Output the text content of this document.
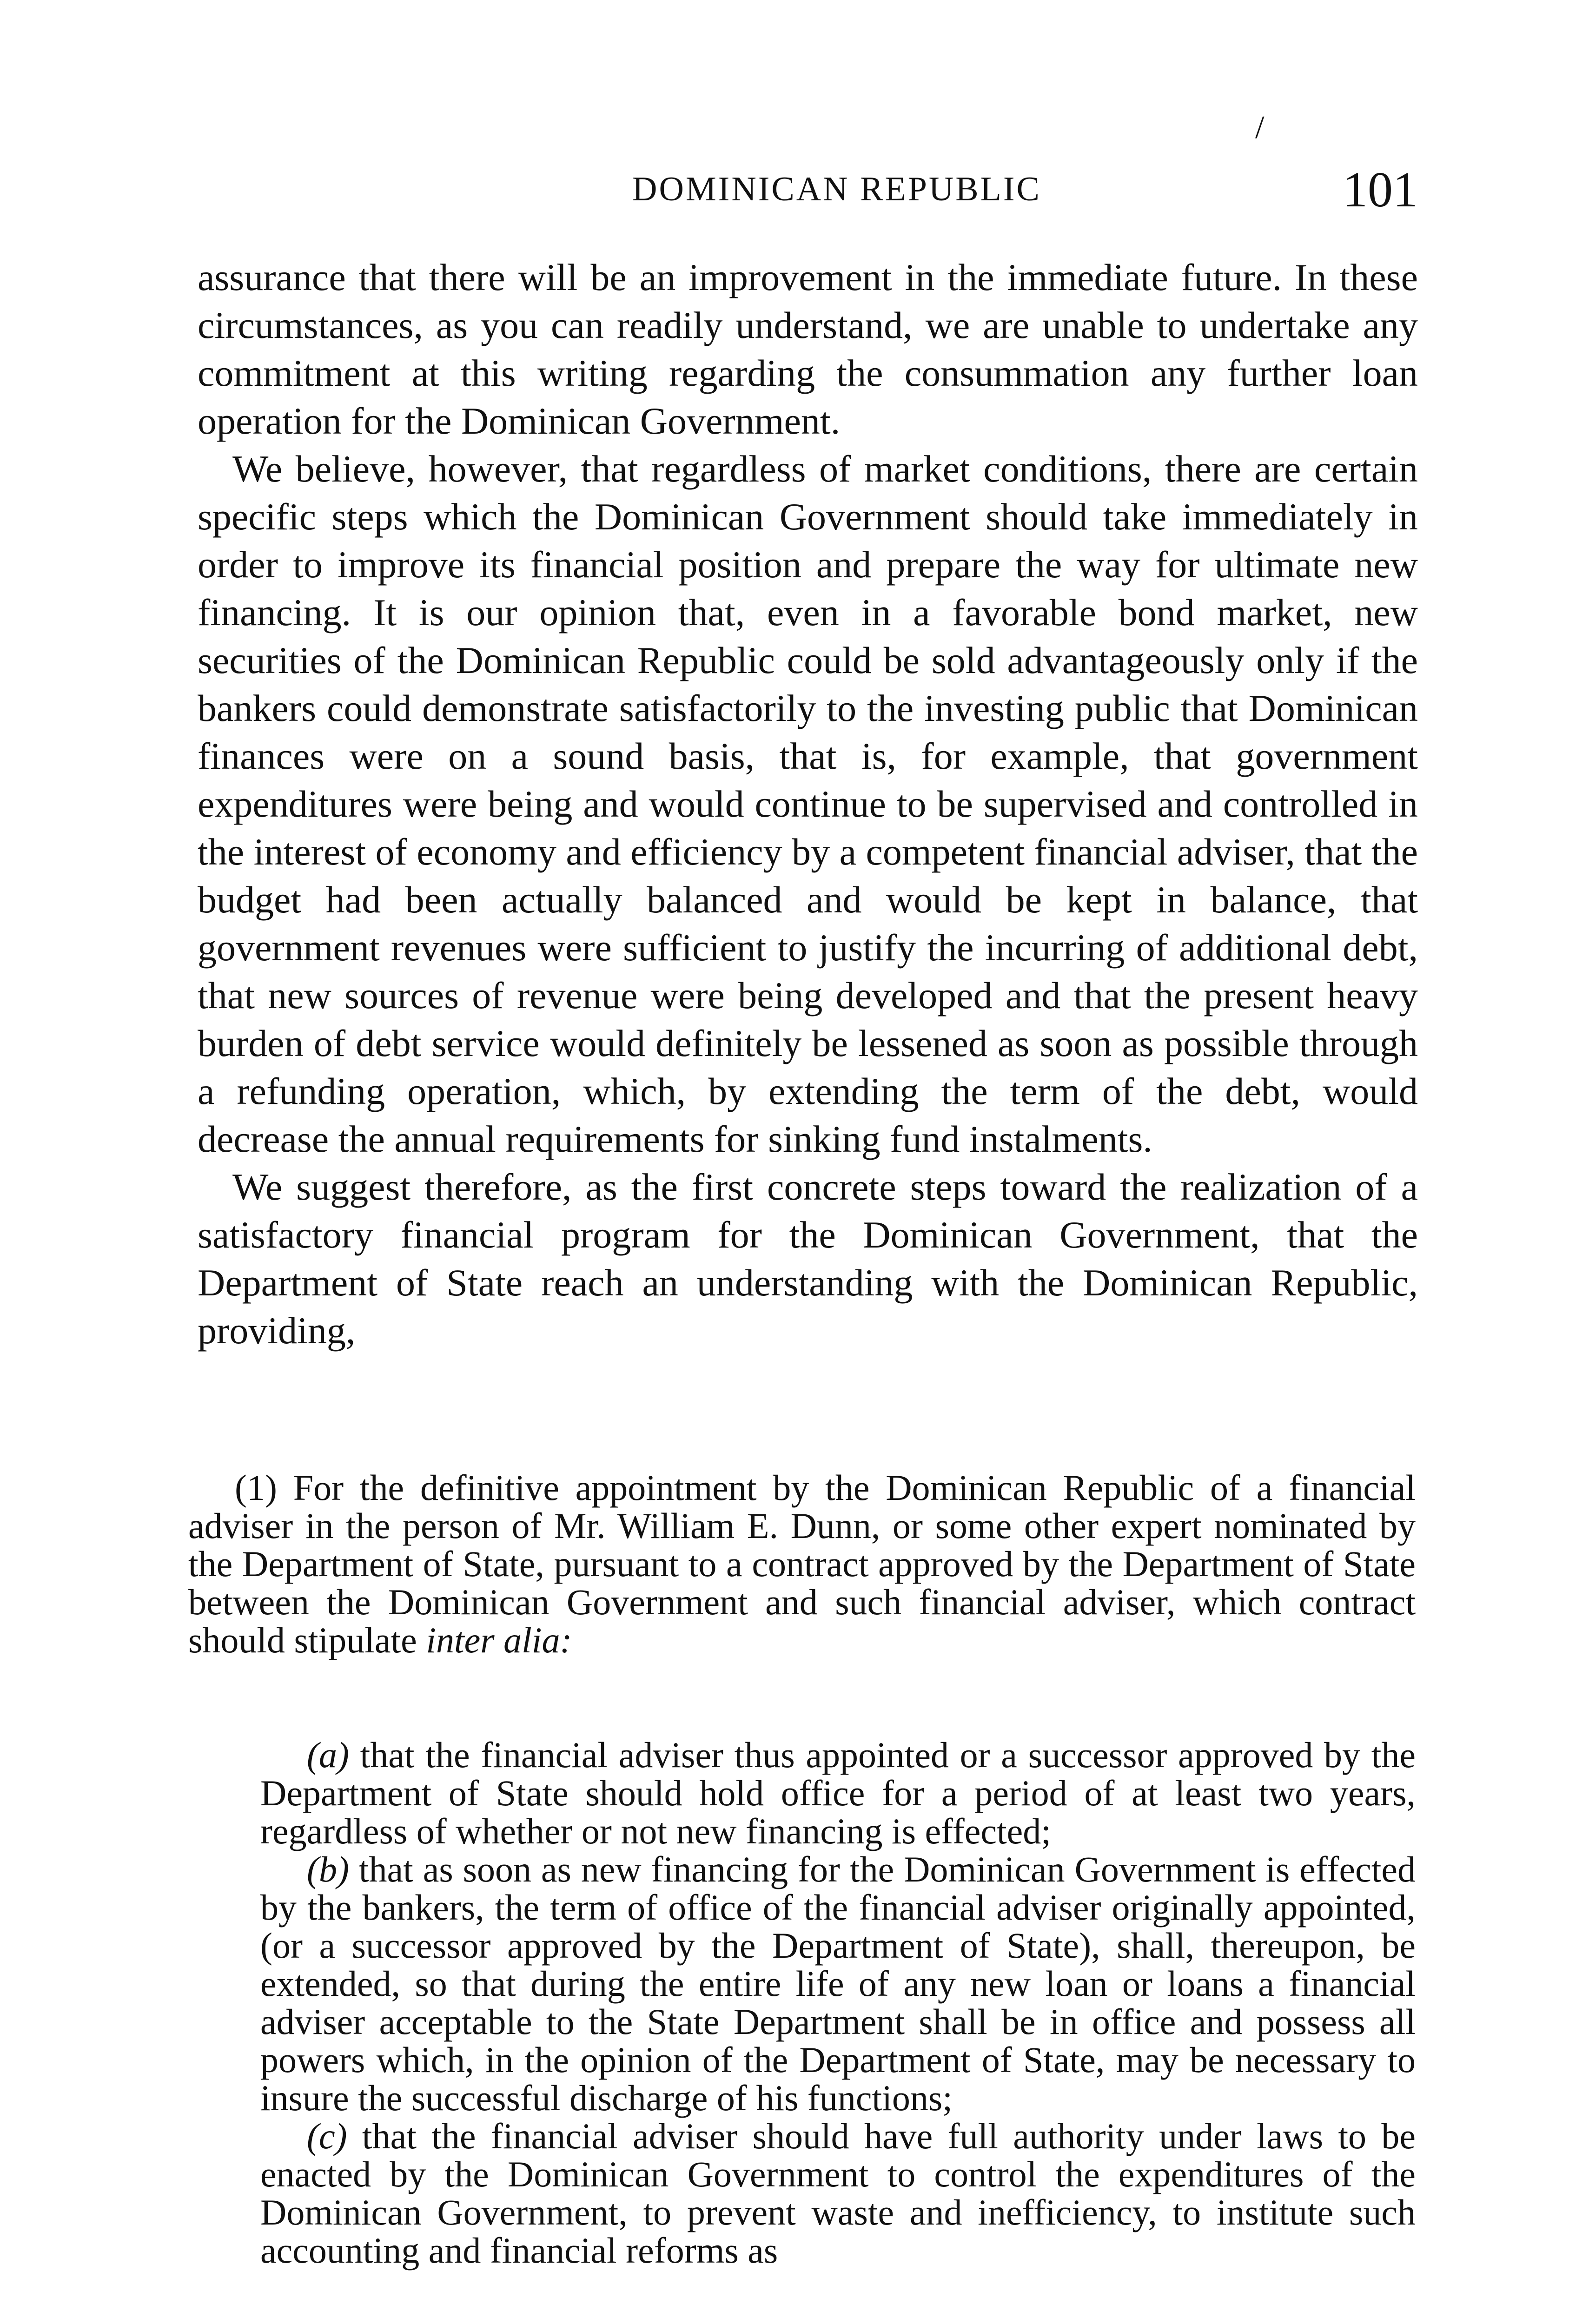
/
DOMINICAN REPUBLIC	101

assurance that there will be an improvement in the immediate future. In these circumstances, as you can readily understand, we are unable to undertake any commitment at this writing regarding the consummation any further loan operation for the Dominican Government.

We believe, however, that regardless of market conditions, there are certain specific steps which the Dominican Government should take immediately in order to improve its financial position and prepare the way for ultimate new financing. It is our opinion that, even in a favorable bond market, new securities of the Dominican Republic could be sold advantageously only if the bankers could demonstrate satisfactorily to the investing public that Dominican finances were on a sound basis, that is, for example, that government expenditures were being and would continue to be supervised and controlled in the interest of economy and efficiency by a competent financial adviser, that the budget had been actually balanced and would be kept in balance, that government revenues were sufficient to justify the incurring of additional debt, that new sources of revenue were being developed and that the present heavy burden of debt service would definitely be lessened as soon as possible through a refunding operation, which, by extending the term of the debt, would decrease the annual requirements for sinking fund instalments.

We suggest therefore, as the first concrete steps toward the realization of a satisfactory financial program for the Dominican Government, that the Department of State reach an understanding with the Dominican Republic, providing,

(1) For the definitive appointment by the Dominican Republic of a financial adviser in the person of Mr. William E. Dunn, or some other expert nominated by the Department of State, pursuant to a contract approved by the Department of State between the Dominican Government and such financial adviser, which contract should stipulate inter alia:

(a) that the financial adviser thus appointed or a successor approved by the Department of State should hold office for a period of at least two years, regardless of whether or not new financing is effected;

(b) that as soon as new financing for the Dominican Government is effected by the bankers, the term of office of the financial adviser originally appointed, (or a successor approved by the Department of State), shall, thereupon, be extended, so that during the entire life of any new loan or loans a financial adviser acceptable to the State Department shall be in office and possess all powers which, in the opinion of the Department of State, may be necessary to insure the successful discharge of his functions;

(c) that the financial adviser should have full authority under laws to be enacted by the Dominican Government to control the expenditures of the Dominican Government, to prevent waste and inefficiency, to institute such accounting and financial reforms as
